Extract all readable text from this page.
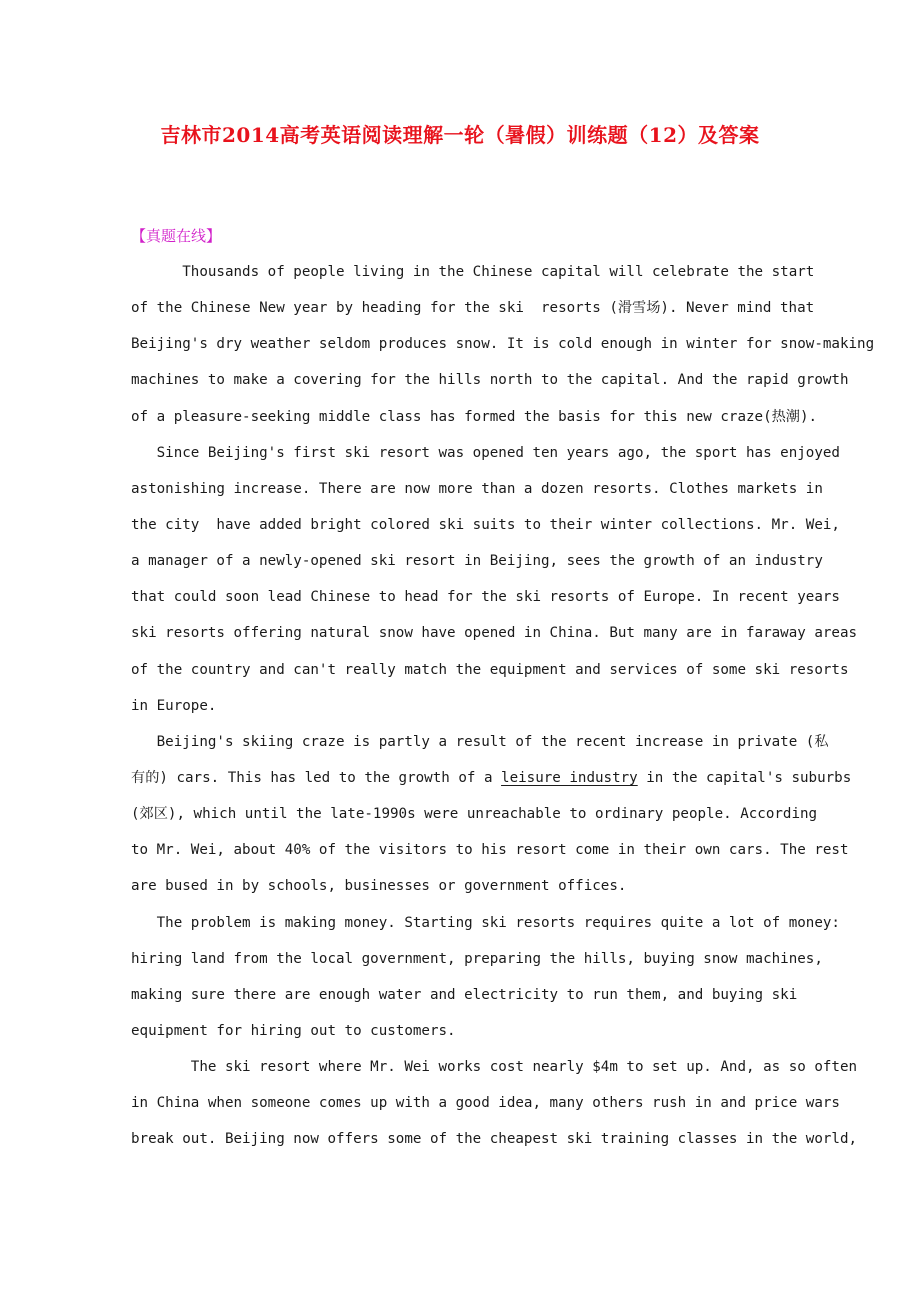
吉林市2014高考英语阅读理解一轮（暑假）训练题（12）及答案
【真题在线】
Thousands of people living in the Chinese capital will celebrate the start
of the Chinese New year by heading for the ski  resorts (滑雪场). Never mind that
Beijing's dry weather seldom produces snow. It is cold enough in winter for snow-making
machines to make a covering for the hills north to the capital. And the rapid growth
of a pleasure-seeking middle class has formed the basis for this new craze(热潮).
Since Beijing's first ski resort was opened ten years ago, the sport has enjoyed
astonishing increase. There are now more than a dozen resorts. Clothes markets in
the city  have added bright colored ski suits to their winter collections. Mr. Wei,
a manager of a newly-opened ski resort in Beijing, sees the growth of an industry
that could soon lead Chinese to head for the ski resorts of Europe. In recent years
ski resorts offering natural snow have opened in China. But many are in faraway areas
of the country and can't really match the equipment and services of some ski resorts
in Europe.
Beijing's skiing craze is partly a result of the recent increase in private (私
有的) cars. This has led to the growth of a leisure industry in the capital's suburbs
(郊区), which until the late-1990s were unreachable to ordinary people. According
to Mr. Wei, about 40% of the visitors to his resort come in their own cars. The rest
are bused in by schools, businesses or government offices.
The problem is making money. Starting ski resorts requires quite a lot of money:
hiring land from the local government, preparing the hills, buying snow machines,
making sure there are enough water and electricity to run them, and buying ski
equipment for hiring out to customers.
The ski resort where Mr. Wei works cost nearly $4m to set up. And, as so often
in China when someone comes up with a good idea, many others rush in and price wars
break out. Beijing now offers some of the cheapest ski training classes in the world,
